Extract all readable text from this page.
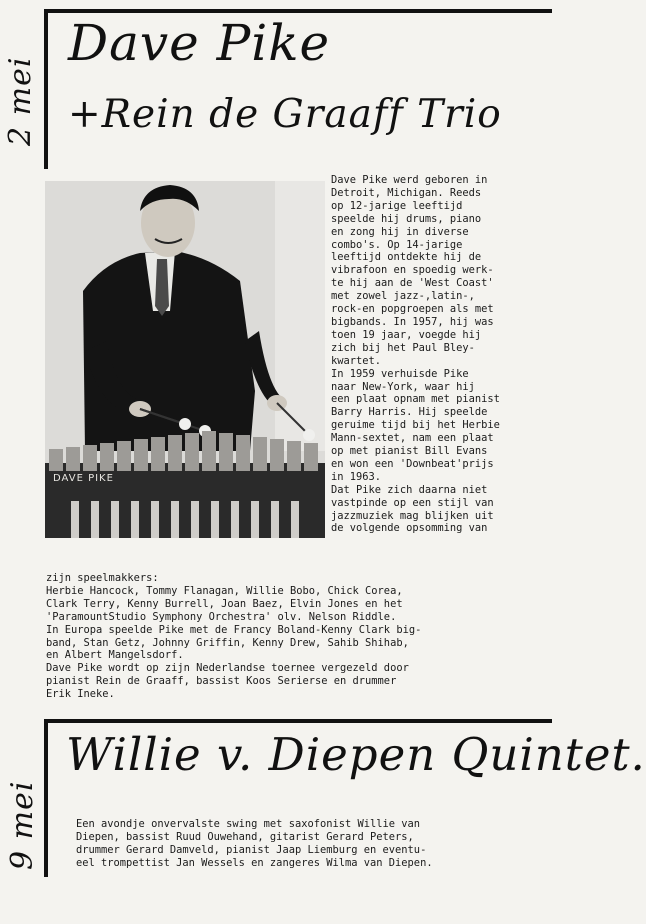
2 mei
Dave Pike
+Rein de Graaff Trio
DAVE PIKE
Dave Pike werd geboren in
Detroit, Michigan. Reeds
op 12-jarige leeftijd
speelde hij drums, piano
en zong hij in diverse
combo's. Op 14-jarige
leeftijd ontdekte hij de
vibrafoon en spoedig werk-
te hij aan de 'West Coast'
met zowel jazz-,latin-,
rock-en popgroepen als met
bigbands. In 1957, hij was
toen 19 jaar, voegde hij
zich bij het Paul Bley-
kwartet.
In 1959 verhuisde Pike
naar New-York, waar hij
een plaat opnam met pianist
Barry Harris. Hij speelde
geruime tijd bij het Herbie
Mann-sextet, nam een plaat
op met pianist Bill Evans
en won een 'Downbeat'prijs
in 1963.
Dat Pike zich daarna niet
vastpinde op een stijl van
jazzmuziek mag blijken uit
de volgende opsomming van
zijn speelmakkers:
Herbie Hancock, Tommy Flanagan, Willie Bobo, Chick Corea,
Clark Terry, Kenny Burrell, Joan Baez, Elvin Jones en het
'ParamountStudio Symphony Orchestra' olv. Nelson Riddle.
In Europa speelde Pike met de Francy Boland-Kenny Clark big-
band, Stan Getz, Johnny Griffin, Kenny Drew, Sahib Shihab,
en Albert Mangelsdorf.
Dave Pike wordt op zijn Nederlandse toernee vergezeld door
pianist Rein de Graaff, bassist Koos Serierse en drummer
Erik Ineke.
9 mei
Willie v. Diepen Quintet.
Een avondje onvervalste swing met saxofonist Willie van
Diepen, bassist Ruud Ouwehand, gitarist Gerard Peters,
drummer Gerard Damveld, pianist Jaap Liemburg en eventu-
eel trompettist Jan Wessels en zangeres Wilma van Diepen.
